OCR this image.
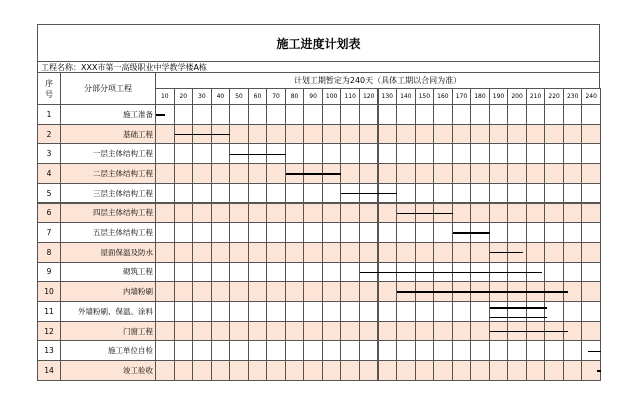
施工进度计划表
工程名称：XXX市第一高级职业中学教学楼A栋
序
号
分部分项工程
计划工期暂定为240天（具体工期以合同为准）
10	20	30	40	50	60	70	80	90	100	110	120	130	140	150	160	170	180	190	200	210	220	230	240
1	施工准备
2	基础工程
3	一层主体结构工程
4	二层主体结构工程
5	三层主体结构工程
6	四层主体结构工程
7	五层主体结构工程
8	屋面保温及防水
9	砌筑工程
10	内墙粉刷
11	外墙粉刷、保温、涂料
12	门窗工程
13	施工单位自检
14	竣工验收
